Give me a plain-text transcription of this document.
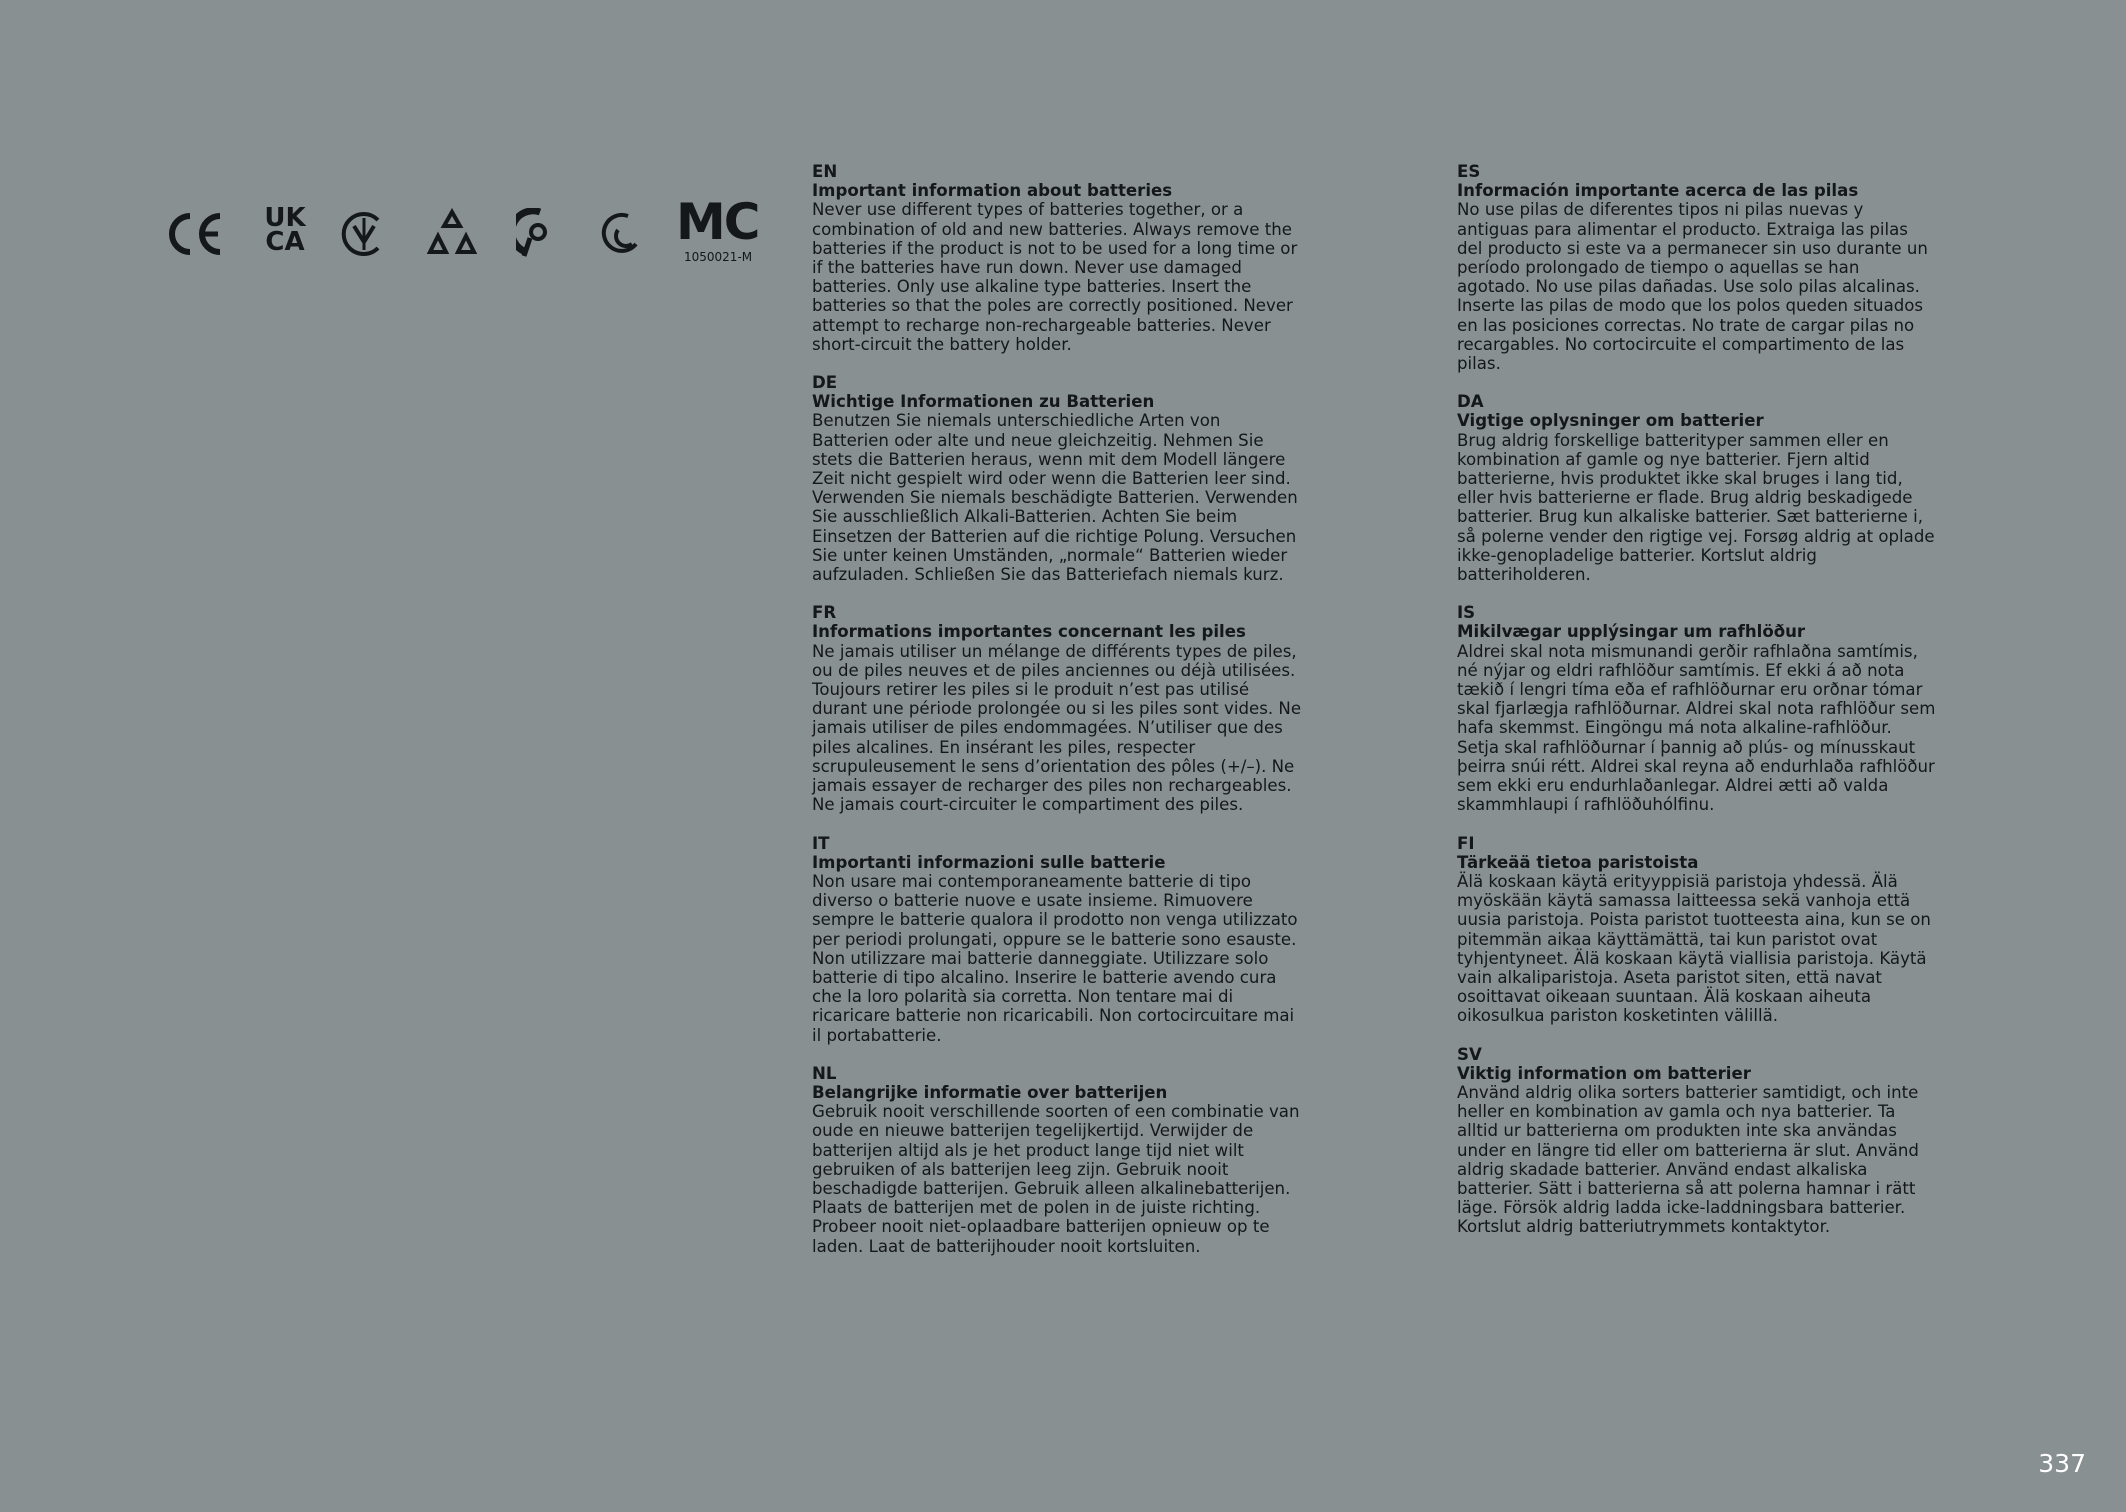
UK
CA	MC
1050021-M
EN
Important information about batteries
Never use different types of batteries together, or a combination of old and new batteries. Always remove the batteries if the product is not to be used for a long time or if the batteries have run down. Never use damaged batteries. Only use alkaline type batteries. Insert the batteries so that the poles are correctly positioned. Never attempt to recharge non-rechargeable batteries. Never short-circuit the battery holder.
DE
Wichtige Informationen zu Batterien
Benutzen Sie niemals unterschiedliche Arten von Batterien oder alte und neue gleichzeitig. Nehmen Sie stets die Batterien heraus, wenn mit dem Modell längere Zeit nicht gespielt wird oder wenn die Batterien leer sind. Verwenden Sie niemals beschädigte Batterien. Verwenden Sie ausschließlich Alkali-Batterien. Achten Sie beim Einsetzen der Batterien auf die richtige Polung. Versuchen Sie unter keinen Umständen, „normale“ Batterien wieder aufzuladen. Schließen Sie das Batteriefach niemals kurz.
FR
Informations importantes concernant les piles
Ne jamais utiliser un mélange de différents types de piles, ou de piles neuves et de piles anciennes ou déjà utilisées. Toujours retirer les piles si le produit n’est pas utilisé durant une période prolongée ou si les piles sont vides. Ne jamais utiliser de piles endommagées. N’utiliser que des piles alcalines. En insérant les piles, respecter scrupuleusement le sens d’orientation des pôles (+/–). Ne jamais essayer de recharger des piles non rechargeables. Ne jamais court-circuiter le compartiment des piles.
IT
Importanti informazioni sulle batterie
Non usare mai contemporaneamente batterie di tipo diverso o batterie nuove e usate insieme. Rimuovere sempre le batterie qualora il prodotto non venga utilizzato per periodi prolungati, oppure se le batterie sono esauste. Non utilizzare mai batterie danneggiate. Utilizzare solo batterie di tipo alcalino. Inserire le batterie avendo cura che la loro polarità sia corretta. Non tentare mai di ricaricare batterie non ricaricabili. Non cortocircuitare mai il portabatterie.
NL
Belangrijke informatie over batterijen
Gebruik nooit verschillende soorten of een combinatie van oude en nieuwe batterijen tegelijkertijd. Verwijder de batterijen altijd als je het product lange tijd niet wilt gebruiken of als batterijen leeg zijn. Gebruik nooit beschadigde batterijen. Gebruik alleen alkalinebatterijen. Plaats de batterijen met de polen in de juiste richting. Probeer nooit niet-oplaadbare batterijen opnieuw op te laden. Laat de batterijhouder nooit kortsluiten.
ES
Información importante acerca de las pilas
No use pilas de diferentes tipos ni pilas nuevas y antiguas para alimentar el producto. Extraiga las pilas del producto si este va a permanecer sin uso durante un período prolongado de tiempo o aquellas se han agotado. No use pilas dañadas. Use solo pilas alcalinas. Inserte las pilas de modo que los polos queden situados en las posiciones correctas. No trate de cargar pilas no recargables. No cortocircuite el compartimento de las pilas.
DA
Vigtige oplysninger om batterier
Brug aldrig forskellige batterityper sammen eller en kombination af gamle og nye batterier. Fjern altid batterierne, hvis produktet ikke skal bruges i lang tid, eller hvis batterierne er flade. Brug aldrig beskadigede batterier. Brug kun alkaliske batterier. Sæt batterierne i, så polerne vender den rigtige vej. Forsøg aldrig at oplade ikke-genopladelige batterier. Kortslut aldrig batteriholderen.
IS
Mikilvægar upplýsingar um rafhlöður
Aldrei skal nota mismunandi gerðir rafhlaðna samtímis, né nýjar og eldri rafhlöður samtímis. Ef ekki á að nota tækið í lengri tíma eða ef rafhlöðurnar eru orðnar tómar skal fjarlægja rafhlöðurnar. Aldrei skal nota rafhlöður sem hafa skemmst. Eingöngu má nota alkaline-rafhlöður. Setja skal rafhlöðurnar í þannig að plús- og mínusskaut þeirra snúi rétt. Aldrei skal reyna að endurhlaða rafhlöður sem ekki eru endurhlaðanlegar. Aldrei ætti að valda skammhlaupi í rafhlöðuhólfinu.
FI
Tärkeää tietoa paristoista
Älä koskaan käytä erityyppisiä paristoja yhdessä. Älä myöskään käytä samassa laitteessa sekä vanhoja että uusia paristoja. Poista paristot tuotteesta aina, kun se on pitemmän aikaa käyttämättä, tai kun paristot ovat tyhjentyneet. Älä koskaan käytä viallisia paristoja. Käytä vain alkaliparistoja. Aseta paristot siten, että navat osoittavat oikeaan suuntaan. Älä koskaan aiheuta oikosulkua pariston kosketinten välillä.
SV
Viktig information om batterier
Använd aldrig olika sorters batterier samtidigt, och inte heller en kombination av gamla och nya batterier. Ta alltid ur batterierna om produkten inte ska användas under en längre tid eller om batterierna är slut. Använd aldrig skadade batterier. Använd endast alkaliska batterier. Sätt i batterierna så att polerna hamnar i rätt läge. Försök aldrig ladda icke-laddningsbara batterier. Kortslut aldrig batteriutrymmets kontaktytor.
337
